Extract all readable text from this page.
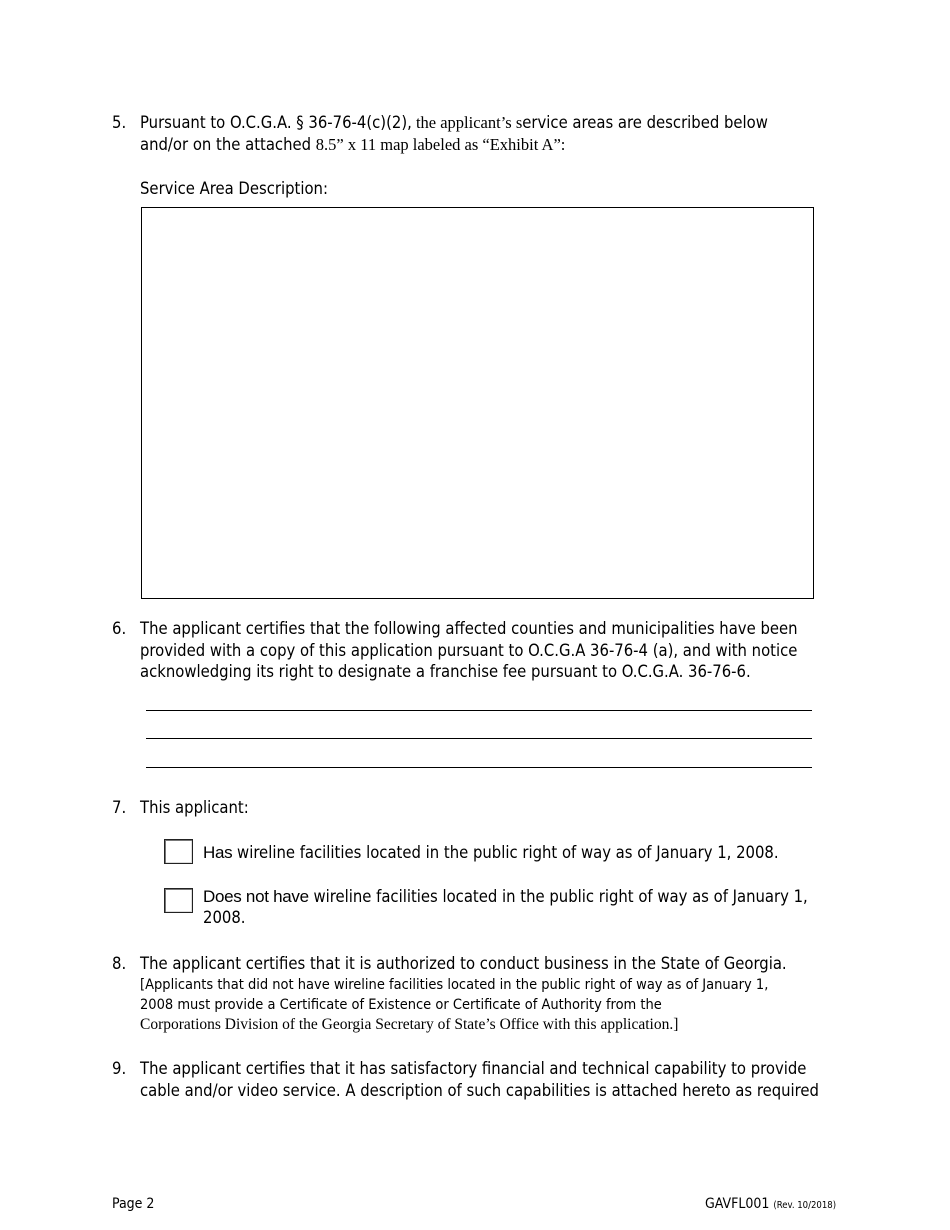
5. Pursuant to O.C.G.A. § 36-76-4(c)(2), the applicant’s service areas are described below
and/or on the attached 8.5” x 11 map labeled as “Exhibit A”:
Service Area Description:
6. The applicant certifies that the following affected counties and municipalities have been provided with a copy of this application pursuant to O.C.G.A 36-76-4 (a), and with notice acknowledging its right to designate a franchise fee pursuant to O.C.G.A. 36-76-6.
7. This applicant:
Has wireline facilities located in the public right of way as of January 1, 2008.
Does not have wireline facilities located in the public right of way as of January 1, 2008.
8. The applicant certifies that it is authorized to conduct business in the State of Georgia.
[Applicants that did not have wireline facilities located in the public right of way as of January 1, 2008 must provide a Certificate of Existence or Certificate of Authority from the
Corporations Division of the Georgia Secretary of State’s Office with this application.]
9. The applicant certifies that it has satisfactory financial and technical capability to provide cable and/or video service. A description of such capabilities is attached hereto as required
Page 2	GAVFL001 (Rev. 10/2018)
